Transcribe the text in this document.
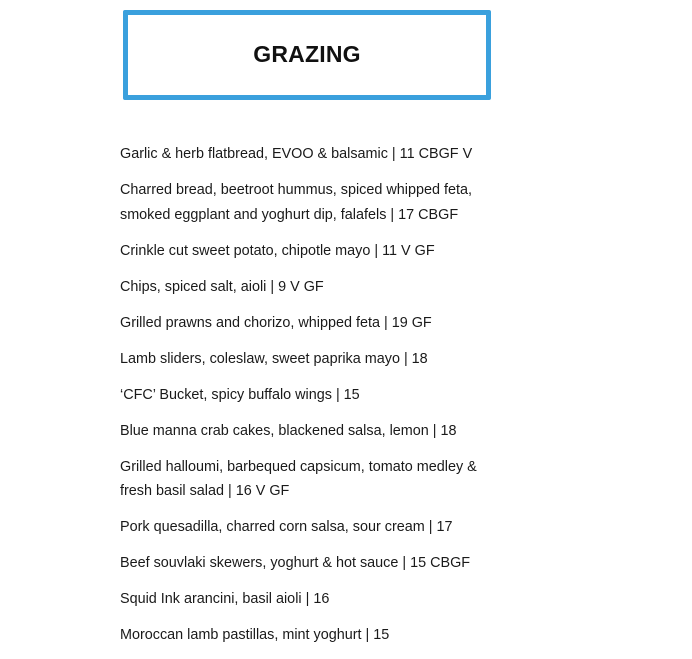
GRAZING
Garlic & herb flatbread, EVOO & balsamic | 11 CBGF V
Charred bread, beetroot hummus, spiced whipped feta,
smoked eggplant and yoghurt dip, falafels | 17 CBGF
Crinkle cut sweet potato, chipotle mayo | 11 V GF
Chips, spiced salt, aioli | 9 V GF
Grilled prawns and chorizo, whipped feta | 19 GF
Lamb sliders, coleslaw, sweet paprika mayo | 18
‘CFC’ Bucket, spicy buffalo wings | 15
Blue manna crab cakes, blackened salsa, lemon | 18
Grilled halloumi, barbequed capsicum, tomato medley &
fresh basil salad | 16 V GF
Pork quesadilla, charred corn salsa, sour cream | 17
Beef souvlaki skewers, yoghurt & hot sauce | 15 CBGF
Squid Ink arancini, basil aioli | 16
Moroccan lamb pastillas, mint yoghurt | 15
